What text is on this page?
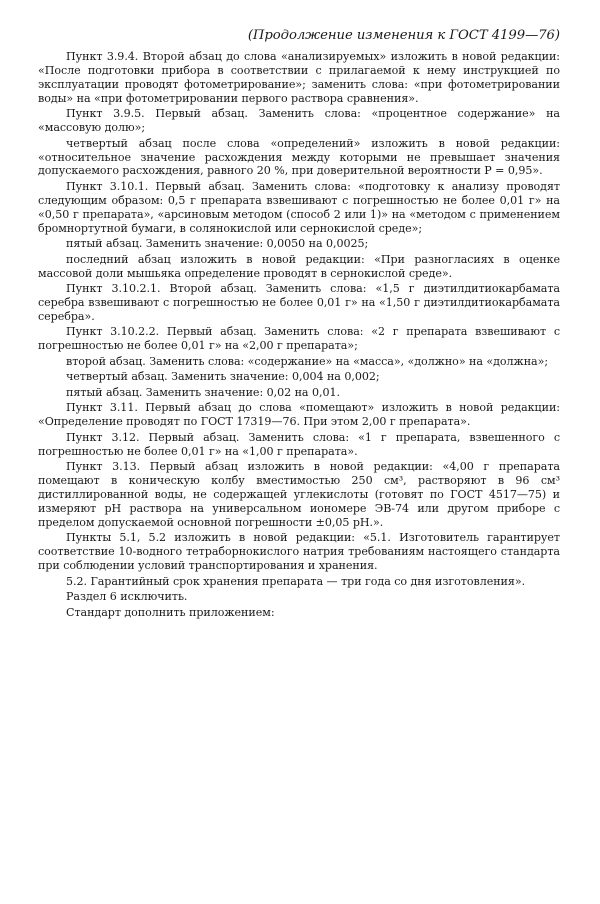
(Продолжение изменения к ГОСТ 4199—76)

Пункт 3.9.4. Второй абзац до слова «анализируемых» изложить в новой редакции: «После подготовки прибора в соответствии с прилагаемой к нему инструкцией по эксплуатации проводят фотометрирование»; заменить слова: «при фотометрировании воды» на «при фотометрировании первого раствора сравнения».

Пункт 3.9.5. Первый абзац. Заменить слова: «процентное содержание» на «массовую долю»;

четвертый абзац после слова «определений» изложить в новой редакции: «относительное значение расхождения между которыми не превышает значения допускаемого расхождения, равного 20 %, при доверительной вероятности P = 0,95».

Пункт 3.10.1. Первый абзац. Заменить слова: «подготовку к анализу проводят следующим образом: 0,5 г препарата взвешивают с погрешностью не более 0,01 г» на «0,50 г препарата», «арсиновым методом (способ 2 или 1)» на «методом с применением бромнортутной бумаги, в солянокислой или сернокислой среде»;

пятый абзац. Заменить значение: 0,0050 на 0,0025;

последний абзац изложить в новой редакции: «При разногласиях в оценке массовой доли мышьяка определение проводят в сернокислой среде».

Пункт 3.10.2.1. Второй абзац. Заменить слова: «1,5 г диэтилдитиокарбамата серебра взвешивают с погрешностью не более 0,01 г» на «1,50 г диэтилдитиокарбамата серебра».

Пункт 3.10.2.2. Первый абзац. Заменить слова: «2 г препарата взвешивают с погрешностью не более 0,01 г» на «2,00 г препарата»;

второй абзац. Заменить слова: «содержание» на «масса», «должно» на «должна»;

четвертый абзац. Заменить значение: 0,004 на 0,002;

пятый абзац. Заменить значение: 0,02 на 0,01.

Пункт 3.11. Первый абзац до слова «помещают» изложить в новой редакции: «Определение проводят по ГОСТ 17319—76. При этом 2,00 г препарата».

Пункт 3.12. Первый абзац. Заменить слова: «1 г препарата, взвешенного с погрешностью не более 0,01 г» на «1,00 г препарата».

Пункт 3.13. Первый абзац изложить в новой редакции: «4,00 г препарата помещают в коническую колбу вместимостью 250 см³, растворяют в 96 см³ дистиллированной воды, не содержащей углекислоты (готовят по ГОСТ 4517—75) и измеряют pH раствора на универсальном иономере ЭВ-74 или другом приборе с пределом допускаемой основной погрешности ±0,05 pH.».

Пункты 5.1, 5.2 изложить в новой редакции: «5.1. Изготовитель гарантирует соответствие 10-водного тетраборнокислого натрия требованиям настоящего стандарта при соблюдении условий транспортирования и хранения.

5.2. Гарантийный срок хранения препарата — три года со дня изготовления».

Раздел 6 исключить.

Стандарт дополнить приложением:
